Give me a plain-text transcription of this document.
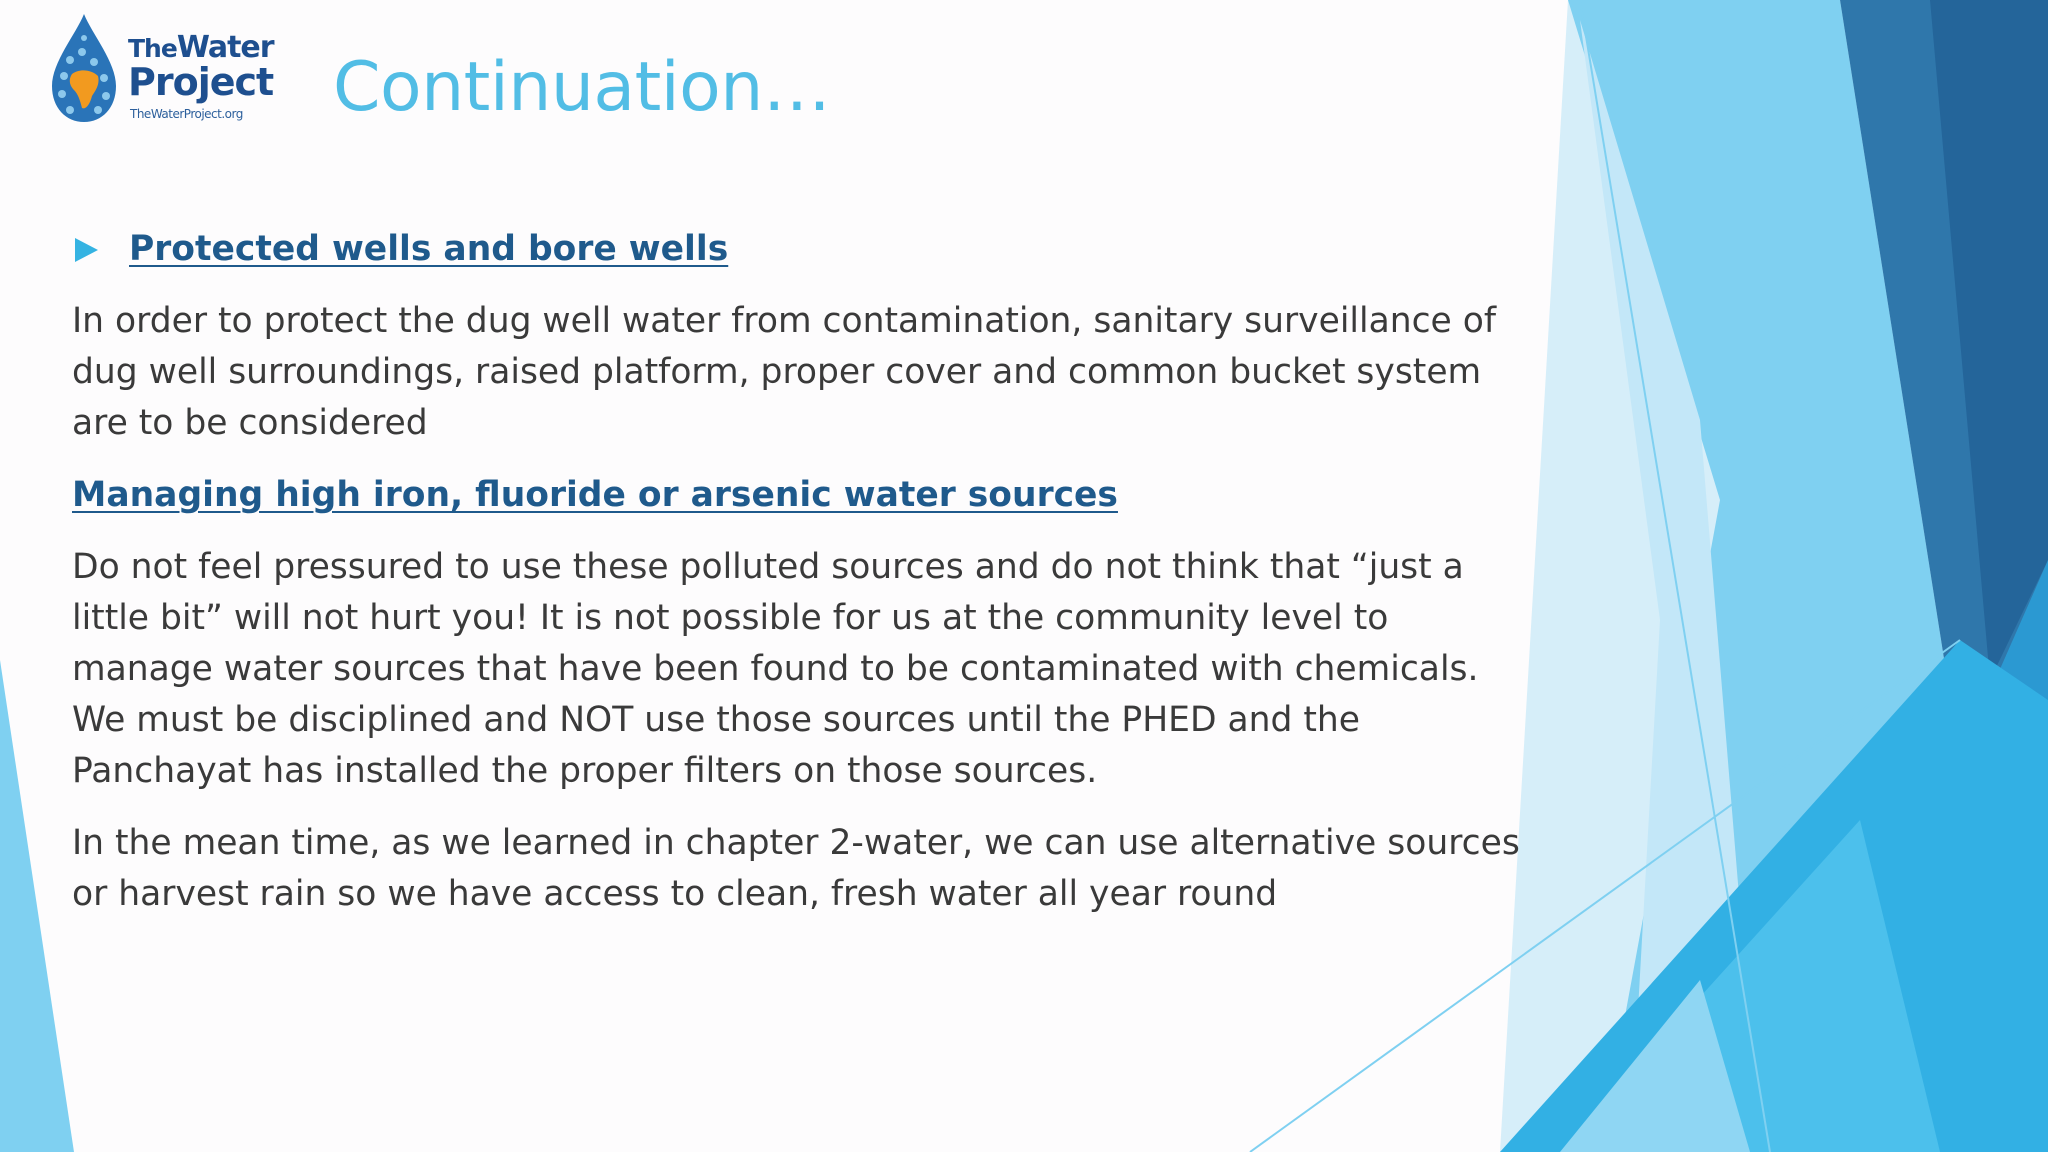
TheWater
Project
TheWaterProject.org Continuation…
Protected wells and bore wells

In order to protect the dug well water from contamination, sanitary surveillance of dug well surroundings, raised platform, proper cover and common bucket system are to be considered

Managing high iron, fluoride or arsenic water sources

Do not feel pressured to use these polluted sources and do not think that “just a little bit” will not hurt you! It is not possible for us at the community level to manage water sources that have been found to be contaminated with chemicals. We must be disciplined and NOT use those sources until the PHED and the Panchayat has installed the proper filters on those sources.

In the mean time, as we learned in chapter 2-water, we can use alternative sources or harvest rain so we have access to clean, fresh water all year round
